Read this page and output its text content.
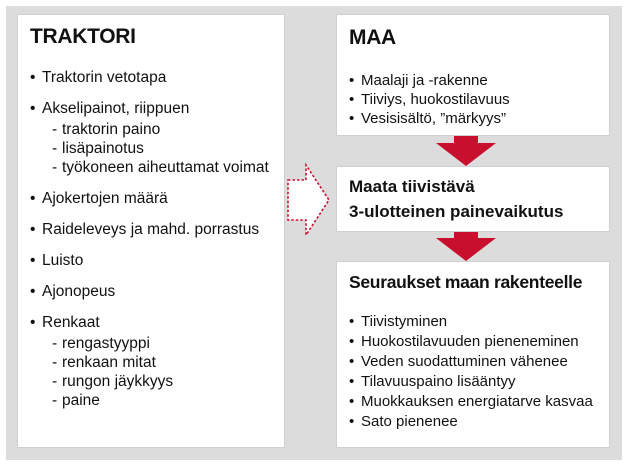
TRAKTORI
• Traktorin vetotapa
• Akselipainot, riippuen
- traktorin paino
- lisäpainotus
- työkoneen aiheuttamat voimat
• Ajokertojen määrä
• Raideleveys ja mahd. porrastus
• Luisto
• Ajonopeus
• Renkaat
- rengastyyppi
- renkaan mitat
- rungon jäykkyys
- paine
MAA
• Maalaji ja -rakenne
• Tiiviys, huokostilavuus
• Vesisisältö, ”märkyys”
Maata tiivistävä
3-ulotteinen painevaikutus
Seuraukset maan rakenteelle
• Tiivistyminen
• Huokostilavuuden pieneneminen
• Veden suodattuminen vähenee
• Tilavuuspaino lisääntyy
• Muokkauksen energiatarve kasvaa
• Sato pienenee
